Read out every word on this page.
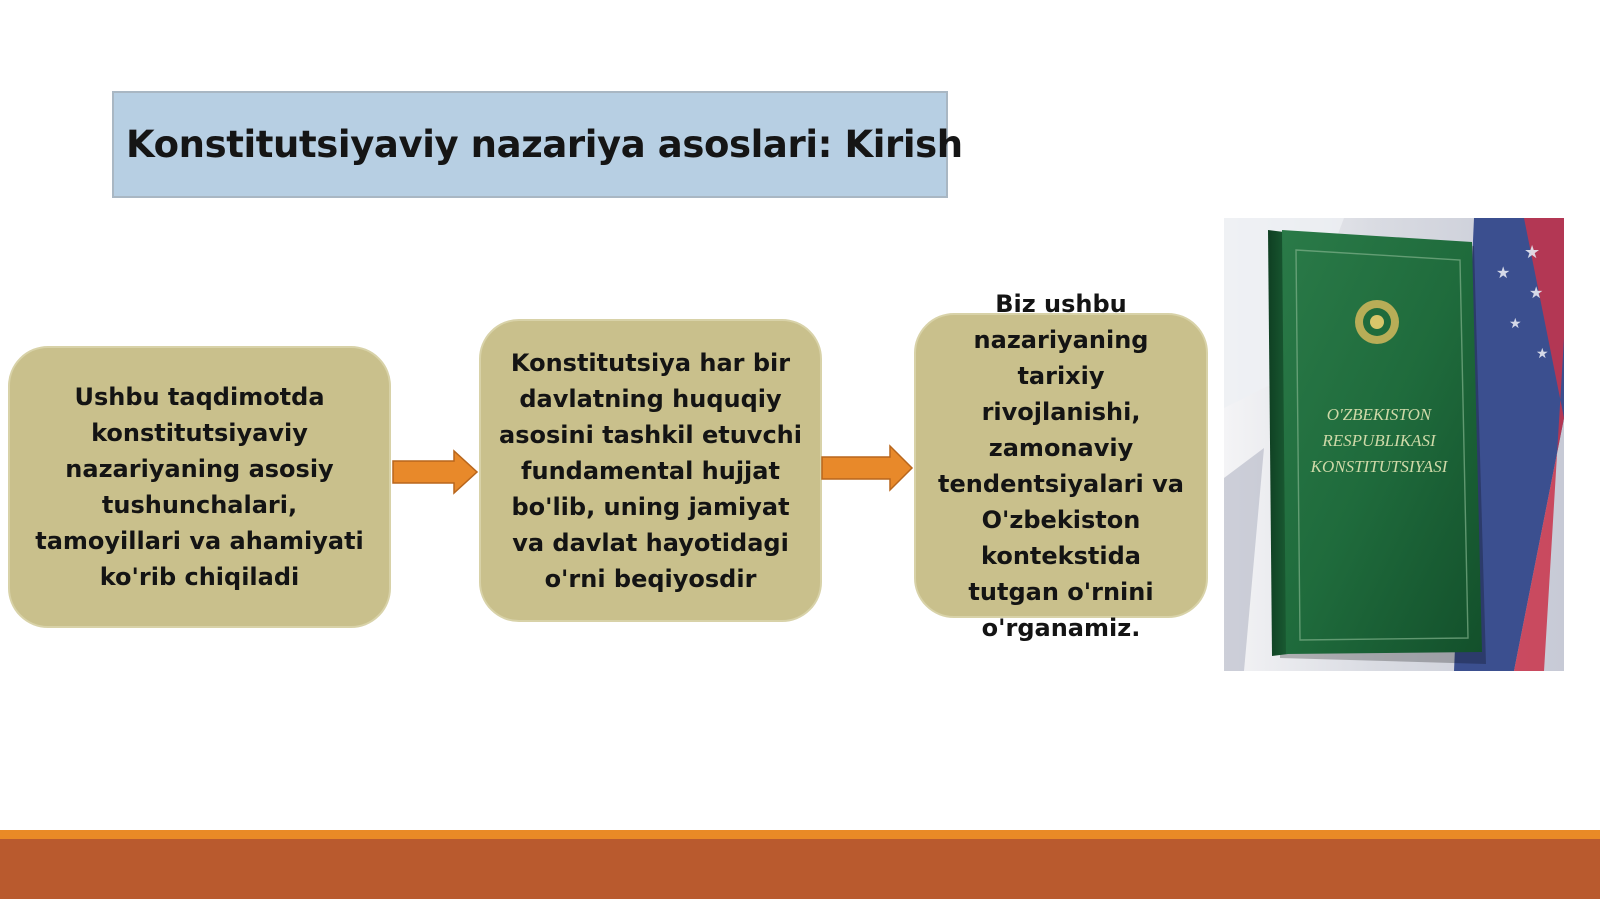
Konstitutsiyaviy nazariya asoslari: Kirish
Ushbu taqdimotda konstitutsiyaviy nazariyaning asosiy tushunchalari, tamoyillari va ahamiyati ko'rib chiqiladi
Konstitutsiya har bir davlatning huquqiy asosini tashkil etuvchi fundamental hujjat bo'lib, uning jamiyat va davlat hayotidagi o'rni beqiyosdir
Biz ushbu nazariyaning tarixiy rivojlanishi, zamonaviy tendentsiyalari va O'zbekiston kontekstida tutgan o'rnini o'rganamiz.
★
★
★
★
★
O'ZBEKISTON
RESPUBLIKASI
KONSTITUTSIYASI
